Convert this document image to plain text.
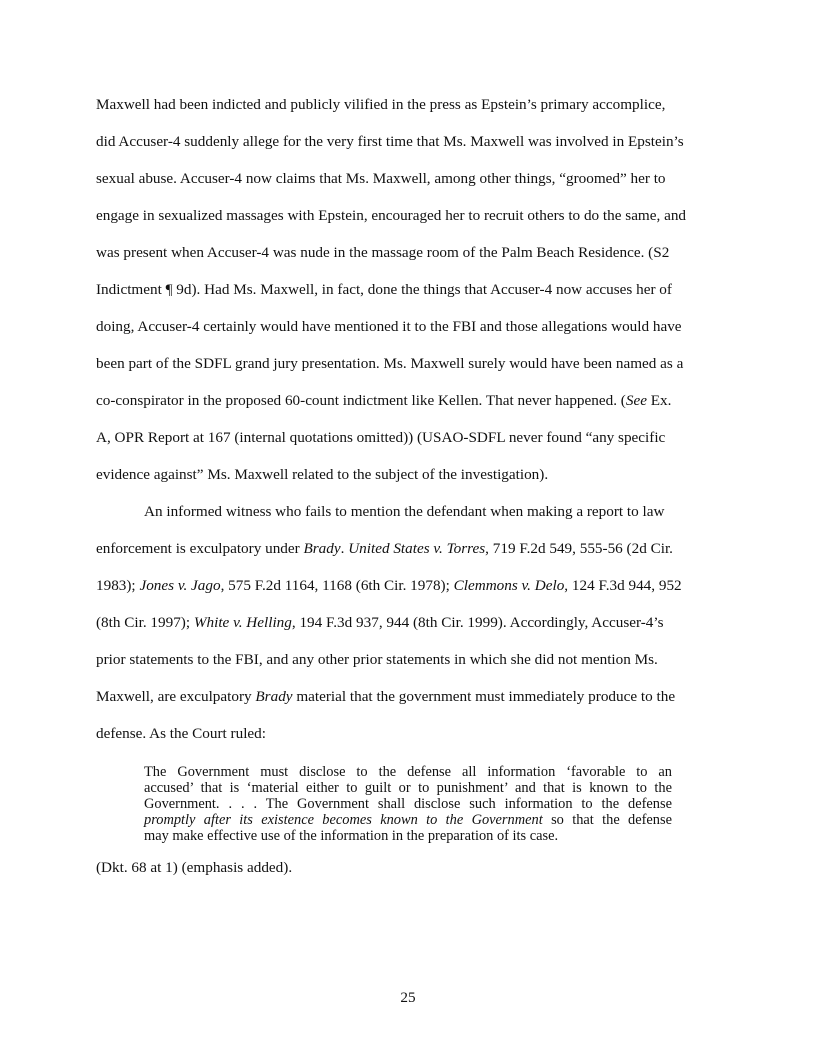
Maxwell had been indicted and publicly vilified in the press as Epstein’s primary accomplice,
did Accuser-4 suddenly allege for the very first time that Ms. Maxwell was involved in Epstein’s
sexual abuse. Accuser-4 now claims that Ms. Maxwell, among other things, “groomed” her to
engage in sexualized massages with Epstein, encouraged her to recruit others to do the same, and
was present when Accuser-4 was nude in the massage room of the Palm Beach Residence. (S2
Indictment ¶ 9d). Had Ms. Maxwell, in fact, done the things that Accuser-4 now accuses her of
doing, Accuser-4 certainly would have mentioned it to the FBI and those allegations would have
been part of the SDFL grand jury presentation. Ms. Maxwell surely would have been named as a
co-conspirator in the proposed 60-count indictment like Kellen. That never happened. (See Ex.
A, OPR Report at 167 (internal quotations omitted)) (USAO-SDFL never found “any specific
evidence against” Ms. Maxwell related to the subject of the investigation).
An informed witness who fails to mention the defendant when making a report to law
enforcement is exculpatory under Brady. United States v. Torres, 719 F.2d 549, 555-56 (2d Cir.
1983); Jones v. Jago, 575 F.2d 1164, 1168 (6th Cir. 1978); Clemmons v. Delo, 124 F.3d 944, 952
(8th Cir. 1997); White v. Helling, 194 F.3d 937, 944 (8th Cir. 1999). Accordingly, Accuser-4’s
prior statements to the FBI, and any other prior statements in which she did not mention Ms.
Maxwell, are exculpatory Brady material that the government must immediately produce to the
defense. As the Court ruled:
The Government must disclose to the defense all information ‘favorable to an
accused’ that is ‘material either to guilt or to punishment’ and that is known to the
Government. . . . The Government shall disclose such information to the defense
promptly after its existence becomes known to the Government so that the defense
may make effective use of the information in the preparation of its case.
(Dkt. 68 at 1) (emphasis added).
25
